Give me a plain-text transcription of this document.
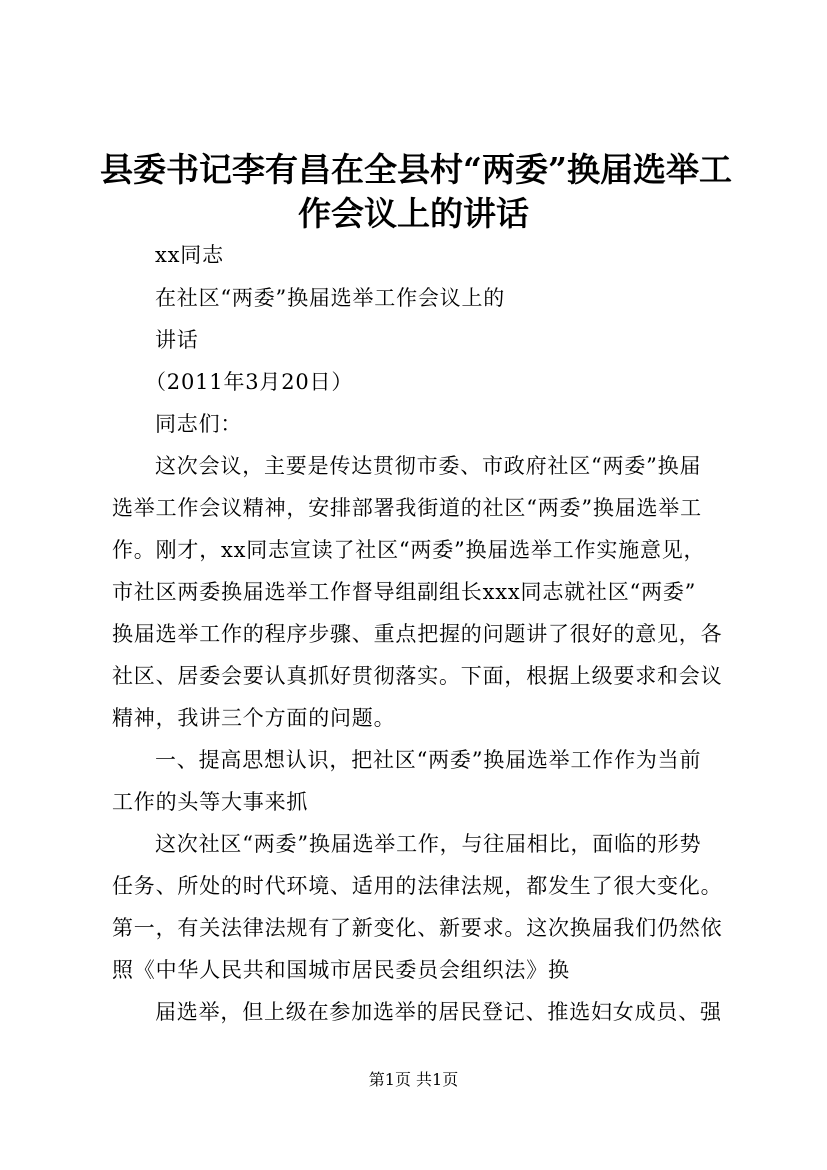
县委书记李有昌在全县村“两委”换届选举工
作会议上的讲话

xx同志

在社区“两委”换届选举工作会议上的

讲话

（2011年3月20日）

同志们：

这次会议，主要是传达贯彻市委、市政府社区“两委”换届

选举工作会议精神，安排部署我街道的社区“两委”换届选举工

作。刚才，xx同志宣读了社区“两委”换届选举工作实施意见，

市社区两委换届选举工作督导组副组长xxx同志就社区“两委”

换届选举工作的程序步骤、重点把握的问题讲了很好的意见，各

社区、居委会要认真抓好贯彻落实。下面，根据上级要求和会议

精神，我讲三个方面的问题。

一、提高思想认识，把社区“两委”换届选举工作作为当前

工作的头等大事来抓

这次社区“两委”换届选举工作，与往届相比，面临的形势

任务、所处的时代环境、适用的法律法规，都发生了很大变化。

第一，有关法律法规有了新变化、新要求。这次换届我们仍然依

照《中华人民共和国城市居民委员会组织法》换

届选举，但上级在参加选举的居民登记、推选妇女成员、强

第1页 共1页
